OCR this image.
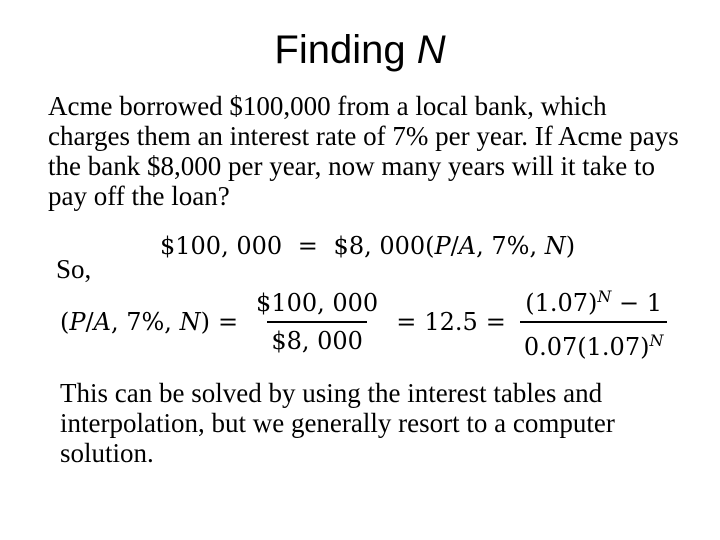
Finding N
Acme borrowed $100,000 from a local bank, which charges them an interest rate of 7% per year. If Acme pays the bank $8,000 per year, now many years will it take to pay off the loan?
$100, 000 = $8, 000(P/A, 7%, N)
So,
(P/A, 7%, $N) = \frac{\$100, 000}{\$8, 000} = 12.5 = \frac{(1.07)^N - 1}{0.07(1.07)^N}$
This can be solved by using the interest tables and interpolation, but we generally resort to a computer solution.
